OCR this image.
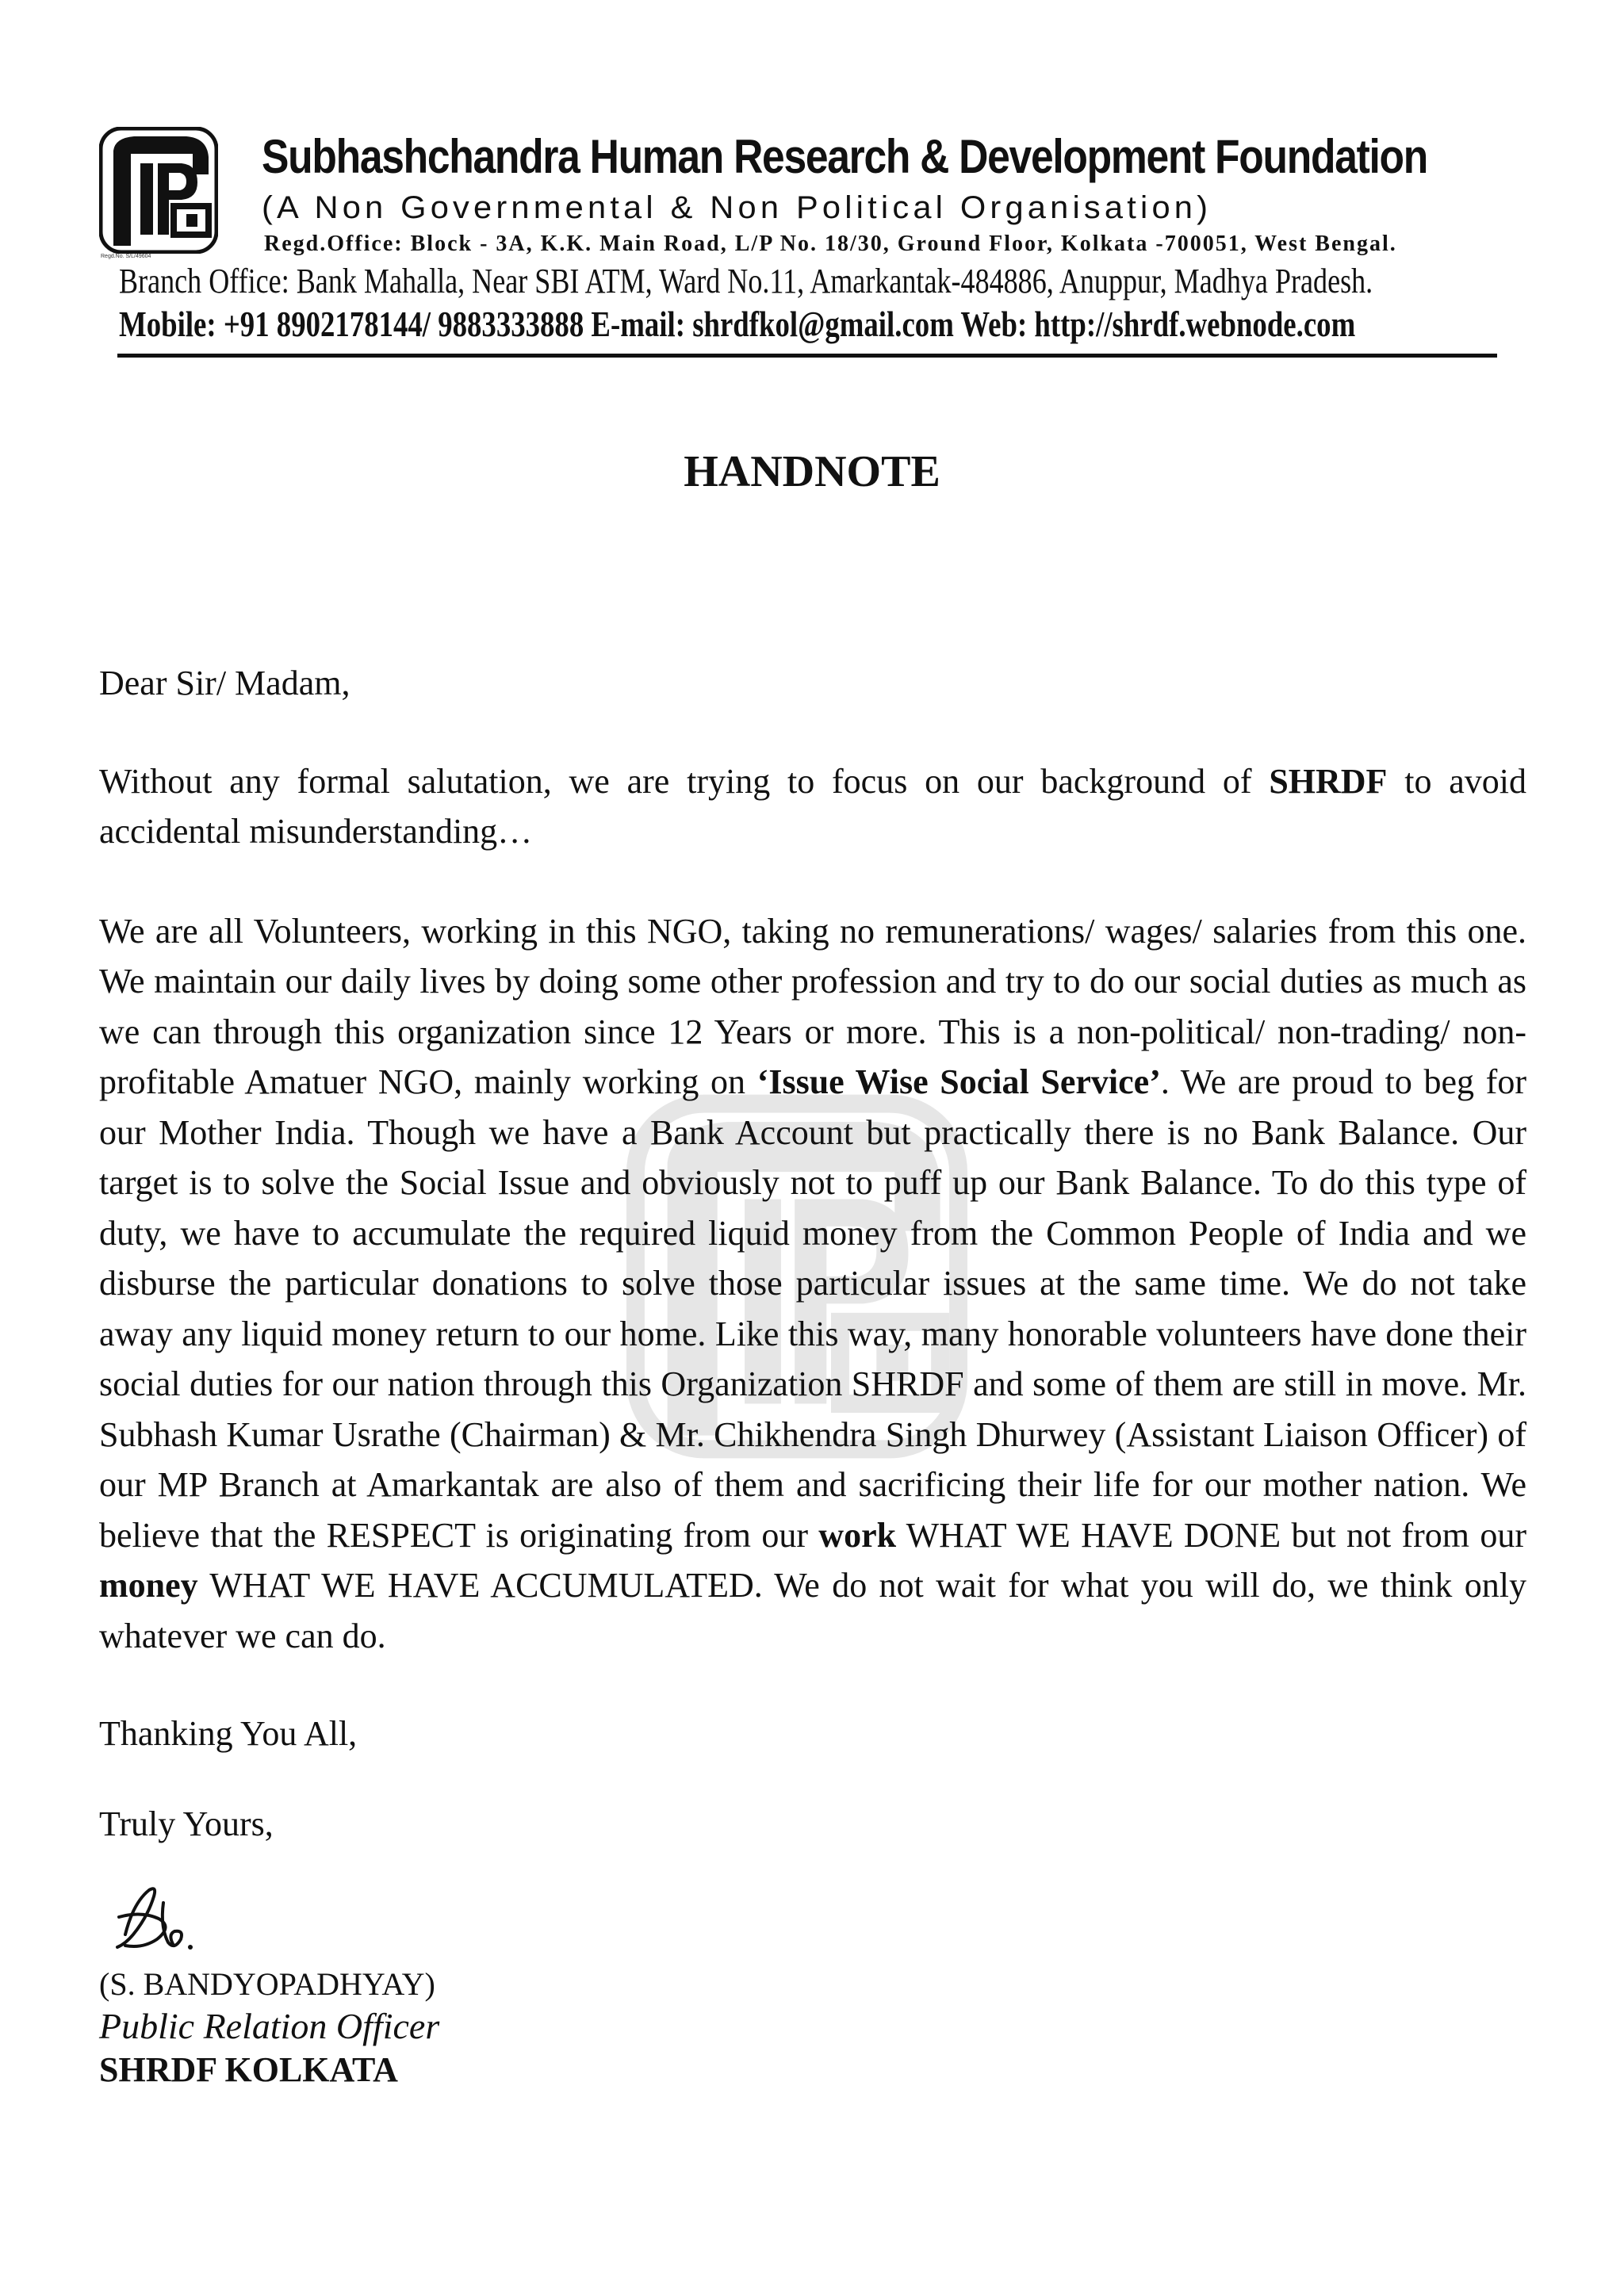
Regd.No. S/L/49604
Subhashchandra Human Research & Development Foundation
(A Non Governmental & Non Political Organisation)
Regd.Office: Block - 3A, K.K. Main Road, L/P No. 18/30, Ground Floor, Kolkata -700051, West Bengal.
Branch Office: Bank Mahalla, Near SBI ATM, Ward No.11, Amarkantak-484886, Anuppur, Madhya Pradesh.
Mobile: +91 8902178144/ 9883333888 E-mail: shrdfkol@gmail.com Web: http://shrdf.webnode.com
HANDNOTE

Dear Sir/ Madam,

Without any formal salutation, we are trying to focus on our background of SHRDF to avoid accidental misunderstanding…

We are all Volunteers, working in this NGO, taking no remunerations/ wages/ salaries from this one. We maintain our daily lives by doing some other profession and try to do our social duties as much as we can through this organization since 12 Years or more. This is a non-political/ non-trading/ non-profitable Amatuer NGO, mainly working on ‘Issue Wise Social Service’. We are proud to beg for our Mother India. Though we have a Bank Account but practically there is no Bank Balance. Our target is to solve the Social Issue and obviously not to puff up our Bank Balance. To do this type of duty, we have to accumulate the required liquid money from the Common People of India and we disburse the particular donations to solve those particular issues at the same time. We do not take away any liquid money return to our home. Like this way, many honorable volunteers have done their social duties for our nation through this Organization SHRDF and some of them are still in move. Mr. Subhash Kumar Usrathe (Chairman) & Mr. Chikhendra Singh Dhurwey (Assistant Liaison Officer) of our MP Branch at Amarkantak are also of them and sacrificing their life for our mother nation. We believe that the RESPECT is originating from our work WHAT WE HAVE DONE but not from our money WHAT WE HAVE ACCUMULATED. We do not wait for what you will do, we think only whatever we can do.

Thanking You All,

Truly Yours,

(S. BANDYOPADHYAY)
Public Relation Officer
SHRDF KOLKATA
